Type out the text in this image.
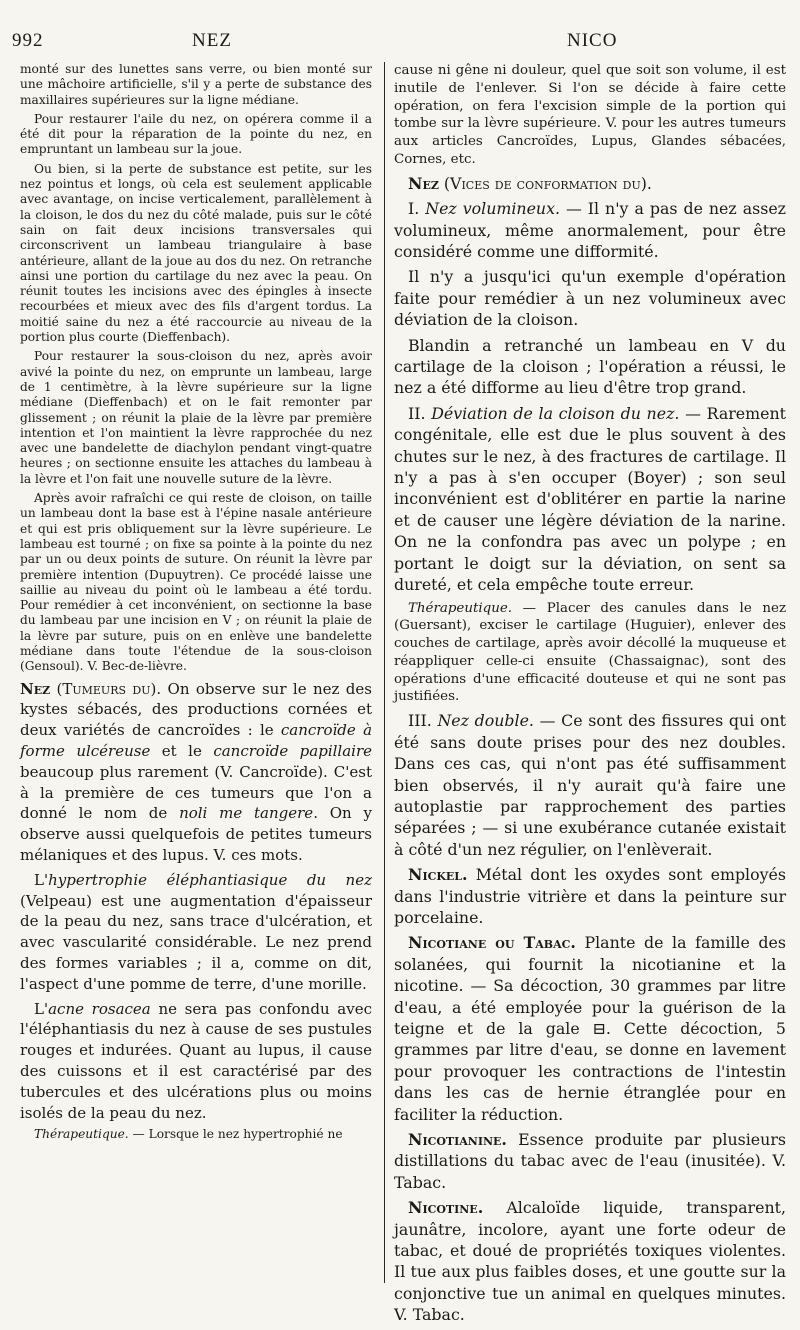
992	NEZ	NICO

monté sur des lunettes sans verre, ou bien monté sur une mâchoire artificielle, s'il y a perte de substance des maxillaires supérieures sur la ligne médiane.

Pour restaurer l'aile du nez, on opérera comme il a été dit pour la réparation de la pointe du nez, en empruntant un lambeau sur la joue.

Ou bien, si la perte de substance est petite, sur les nez pointus et longs, où cela est seulement applicable avec avantage, on incise verticalement, parallèlement à la cloison, le dos du nez du côté malade, puis sur le côté sain on fait deux incisions transversales qui circonscrivent un lambeau triangulaire à base antérieure, allant de la joue au dos du nez. On retranche ainsi une portion du cartilage du nez avec la peau. On réunit toutes les incisions avec des épingles à insecte recourbées et mieux avec des fils d'argent tordus. La moitié saine du nez a été raccourcie au niveau de la portion plus courte (Dieffenbach).

Pour restaurer la sous-cloison du nez, après avoir avivé la pointe du nez, on emprunte un lambeau, large de 1 centimètre, à la lèvre supérieure sur la ligne médiane (Dieffenbach) et on le fait remonter par glissement ; on réunit la plaie de la lèvre par première intention et l'on maintient la lèvre rapprochée du nez avec une bandelette de diachylon pendant vingt-quatre heures ; on sectionne ensuite les attaches du lambeau à la lèvre et l'on fait une nouvelle suture de la lèvre.

Après avoir rafraîchi ce qui reste de cloison, on taille un lambeau dont la base est à l'épine nasale antérieure et qui est pris obliquement sur la lèvre supérieure. Le lambeau est tourné ; on fixe sa pointe à la pointe du nez par un ou deux points de suture. On réunit la lèvre par première intention (Dupuytren). Ce procédé laisse une saillie au niveau du point où le lambeau a été tordu. Pour remédier à cet inconvénient, on sectionne la base du lambeau par une incision en V ; on réunit la plaie de la lèvre par suture, puis on en enlève une bandelette médiane dans toute l'étendue de la sous-cloison (Gensoul). V. Bec-de-lièvre.

Nez (Tumeurs du). On observe sur le nez des kystes sébacés, des productions cornées et deux variétés de cancroïdes : le cancroïde à forme ulcéreuse et le cancroïde papillaire beaucoup plus rarement (V. Cancroïde). C'est à la première de ces tumeurs que l'on a donné le nom de noli me tangere. On y observe aussi quelquefois de petites tumeurs mélaniques et des lupus. V. ces mots.

L'hypertrophie éléphantiasique du nez (Velpeau) est une augmentation d'épaisseur de la peau du nez, sans trace d'ulcération, et avec vascularité considérable. Le nez prend des formes variables ; il a, comme on dit, l'aspect d'une pomme de terre, d'une morille.

L'acne rosacea ne sera pas confondu avec l'éléphantiasis du nez à cause de ses pustules rouges et indurées. Quant au lupus, il cause des cuissons et il est caractérisé par des tubercules et des ulcérations plus ou moins isolés de la peau du nez.

Thérapeutique. — Lorsque le nez hypertrophié ne

cause ni gêne ni douleur, quel que soit son volume, il est inutile de l'enlever. Si l'on se décide à faire cette opération, on fera l'excision simple de la portion qui tombe sur la lèvre supérieure. V. pour les autres tumeurs aux articles Cancroïdes, Lupus, Glandes sébacées, Cornes, etc.

Nez (Vices de conformation du).

I. Nez volumineux. — Il n'y a pas de nez assez volumineux, même anormalement, pour être considéré comme une difformité.

Il n'y a jusqu'ici qu'un exemple d'opération faite pour remédier à un nez volumineux avec déviation de la cloison.

Blandin a retranché un lambeau en V du cartilage de la cloison ; l'opération a réussi, le nez a été difforme au lieu d'être trop grand.

II. Déviation de la cloison du nez. — Rarement congénitale, elle est due le plus souvent à des chutes sur le nez, à des fractures de cartilage. Il n'y a pas à s'en occuper (Boyer) ; son seul inconvénient est d'oblitérer en partie la narine et de causer une légère déviation de la narine. On ne la confondra pas avec un polype ; en portant le doigt sur la déviation, on sent sa dureté, et cela empêche toute erreur.

Thérapeutique. — Placer des canules dans le nez (Guersant), exciser le cartilage (Huguier), enlever des couches de cartilage, après avoir décollé la muqueuse et réappliquer celle-ci ensuite (Chassaignac), sont des opérations d'une efficacité douteuse et qui ne sont pas justifiées.

III. Nez double. — Ce sont des fissures qui ont été sans doute prises pour des nez doubles. Dans ces cas, qui n'ont pas été suffisamment bien observés, il n'y aurait qu'à faire une autoplastie par rapprochement des parties séparées ; — si une exubérance cutanée existait à côté d'un nez régulier, on l'enlèverait.

Nickel. Métal dont les oxydes sont employés dans l'industrie vitrière et dans la peinture sur porcelaine.

Nicotiane ou Tabac. Plante de la famille des solanées, qui fournit la nicotianine et la nicotine. — Sa décoction, 30 grammes par litre d'eau, a été employée pour la guérison de la teigne et de la gale ⊟. Cette décoction, 5 grammes par litre d'eau, se donne en lavement pour provoquer les contractions de l'intestin dans les cas de hernie étranglée pour en faciliter la réduction.

Nicotianine. Essence produite par plusieurs distillations du tabac avec de l'eau (inusitée). V. Tabac.

Nicotine. Alcaloïde liquide, transparent, jaunâtre, incolore, ayant une forte odeur de tabac, et doué de propriétés toxiques violentes. Il tue aux plus faibles doses, et une goutte sur la conjonctive tue un animal en quelques minutes. V. Tabac.
